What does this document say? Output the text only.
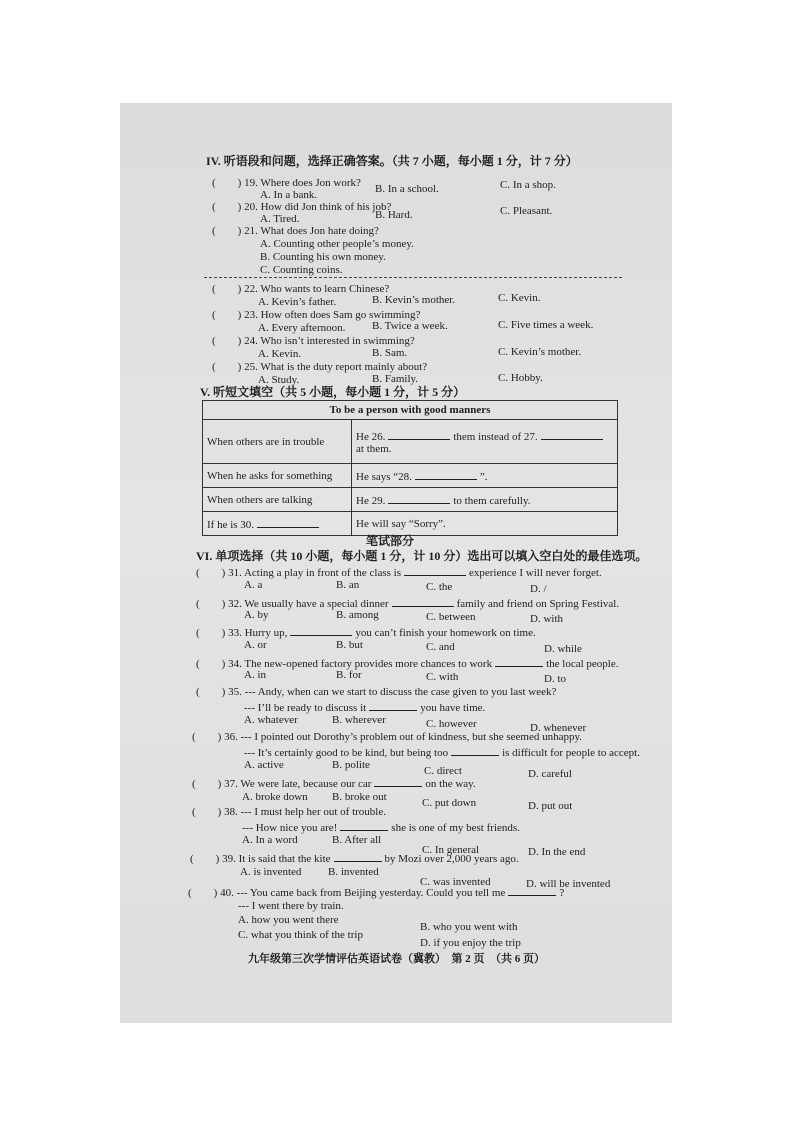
IV. 听语段和问题，选择正确答案。（共 7 小题，每小题 1 分，计 7 分）
(　　) 19. Where does Jon work?
A. In a bank.	B. In a school.	C. In a shop.
(　　) 20. How did Jon think of his job?
A. Tired.	B. Hard.	C. Pleasant.
(　　) 21. What does Jon hate doing?
A. Counting other people’s money.
B. Counting his own money.
C. Counting coins.
(　　) 22. Who wants to learn Chinese?
A. Kevin’s father.	B. Kevin’s mother.	C. Kevin.
(　　) 23. How often does Sam go swimming?
A. Every afternoon. B. Twice a week.	C. Five times a week.
(　　) 24. Who isn’t interested in swimming?
A. Kevin.	B. Sam.	C. Kevin’s mother.
(　　) 25. What is the duty report mainly about?
A. Study.	B. Family.	C. Hobby.
V. 听短文填空（共 5 小题，每小题 1 分，计 5 分）
To be a person with good manners	
When others are in trouble	He 26. them instead of 27.
at them.
When he asks for something	He says “28. ”.
When others are talking	He 29. to them carefully.
If he is 30.	He will say “Sorry”.
笔试部分
VI. 单项选择（共 10 小题，每小题 1 分，计 10 分）选出可以填入空白处的最佳选项。
(　　) 31. Acting a play in front of the class is	experience I will never forget.
A. a	B. an	C. the	D. /
(　　) 32. We usually have a special dinner	family and friend on Spring Festival.
A. by	B. among	C. between	D. with
(　　) 33. Hurry up,	you can’t finish your homework on time.
A. or	B. but	C. and	D. while
(　　) 34. The new-opened factory provides more chances to work	the local people.
A. in	B. for	C. with	D. to
(　　) 35. --- Andy, when can we start to discuss the case given to you last week?
--- I’ll be ready to discuss it	you have time.
A. whatever	B. wherever	C. however	D. whenever
(　　) 36. --- I pointed out Dorothy’s problem out of kindness, but she seemed unhappy.
--- It’s certainly good to be kind, but being too	is difficult for people to accept.
A. active	B. polite	C. direct	D. careful
(　　) 37. We were late, because our car	on the way.
A. broke down B. broke out	C. put down	D. put out
(　　) 38. --- I must help her out of trouble.
--- How nice you are!	she is one of my best friends.
A. In a word	B. After all
C. In general	D. In the end
(　　) 39. It is said that the kite	by Mozi over 2,000 years ago.
A. is invented B. invented
C. was invented	D. will be invented
(　　) 40. --- You came back from Beijing yesterday. Could you tell me	?
--- I went there by train.
A. how you went there
B. who you went with
C. what you think of the trip
D. if you enjoy the trip
九年级第三次学情评估英语试卷（冀教）　第 2 页　（共 6 页）
